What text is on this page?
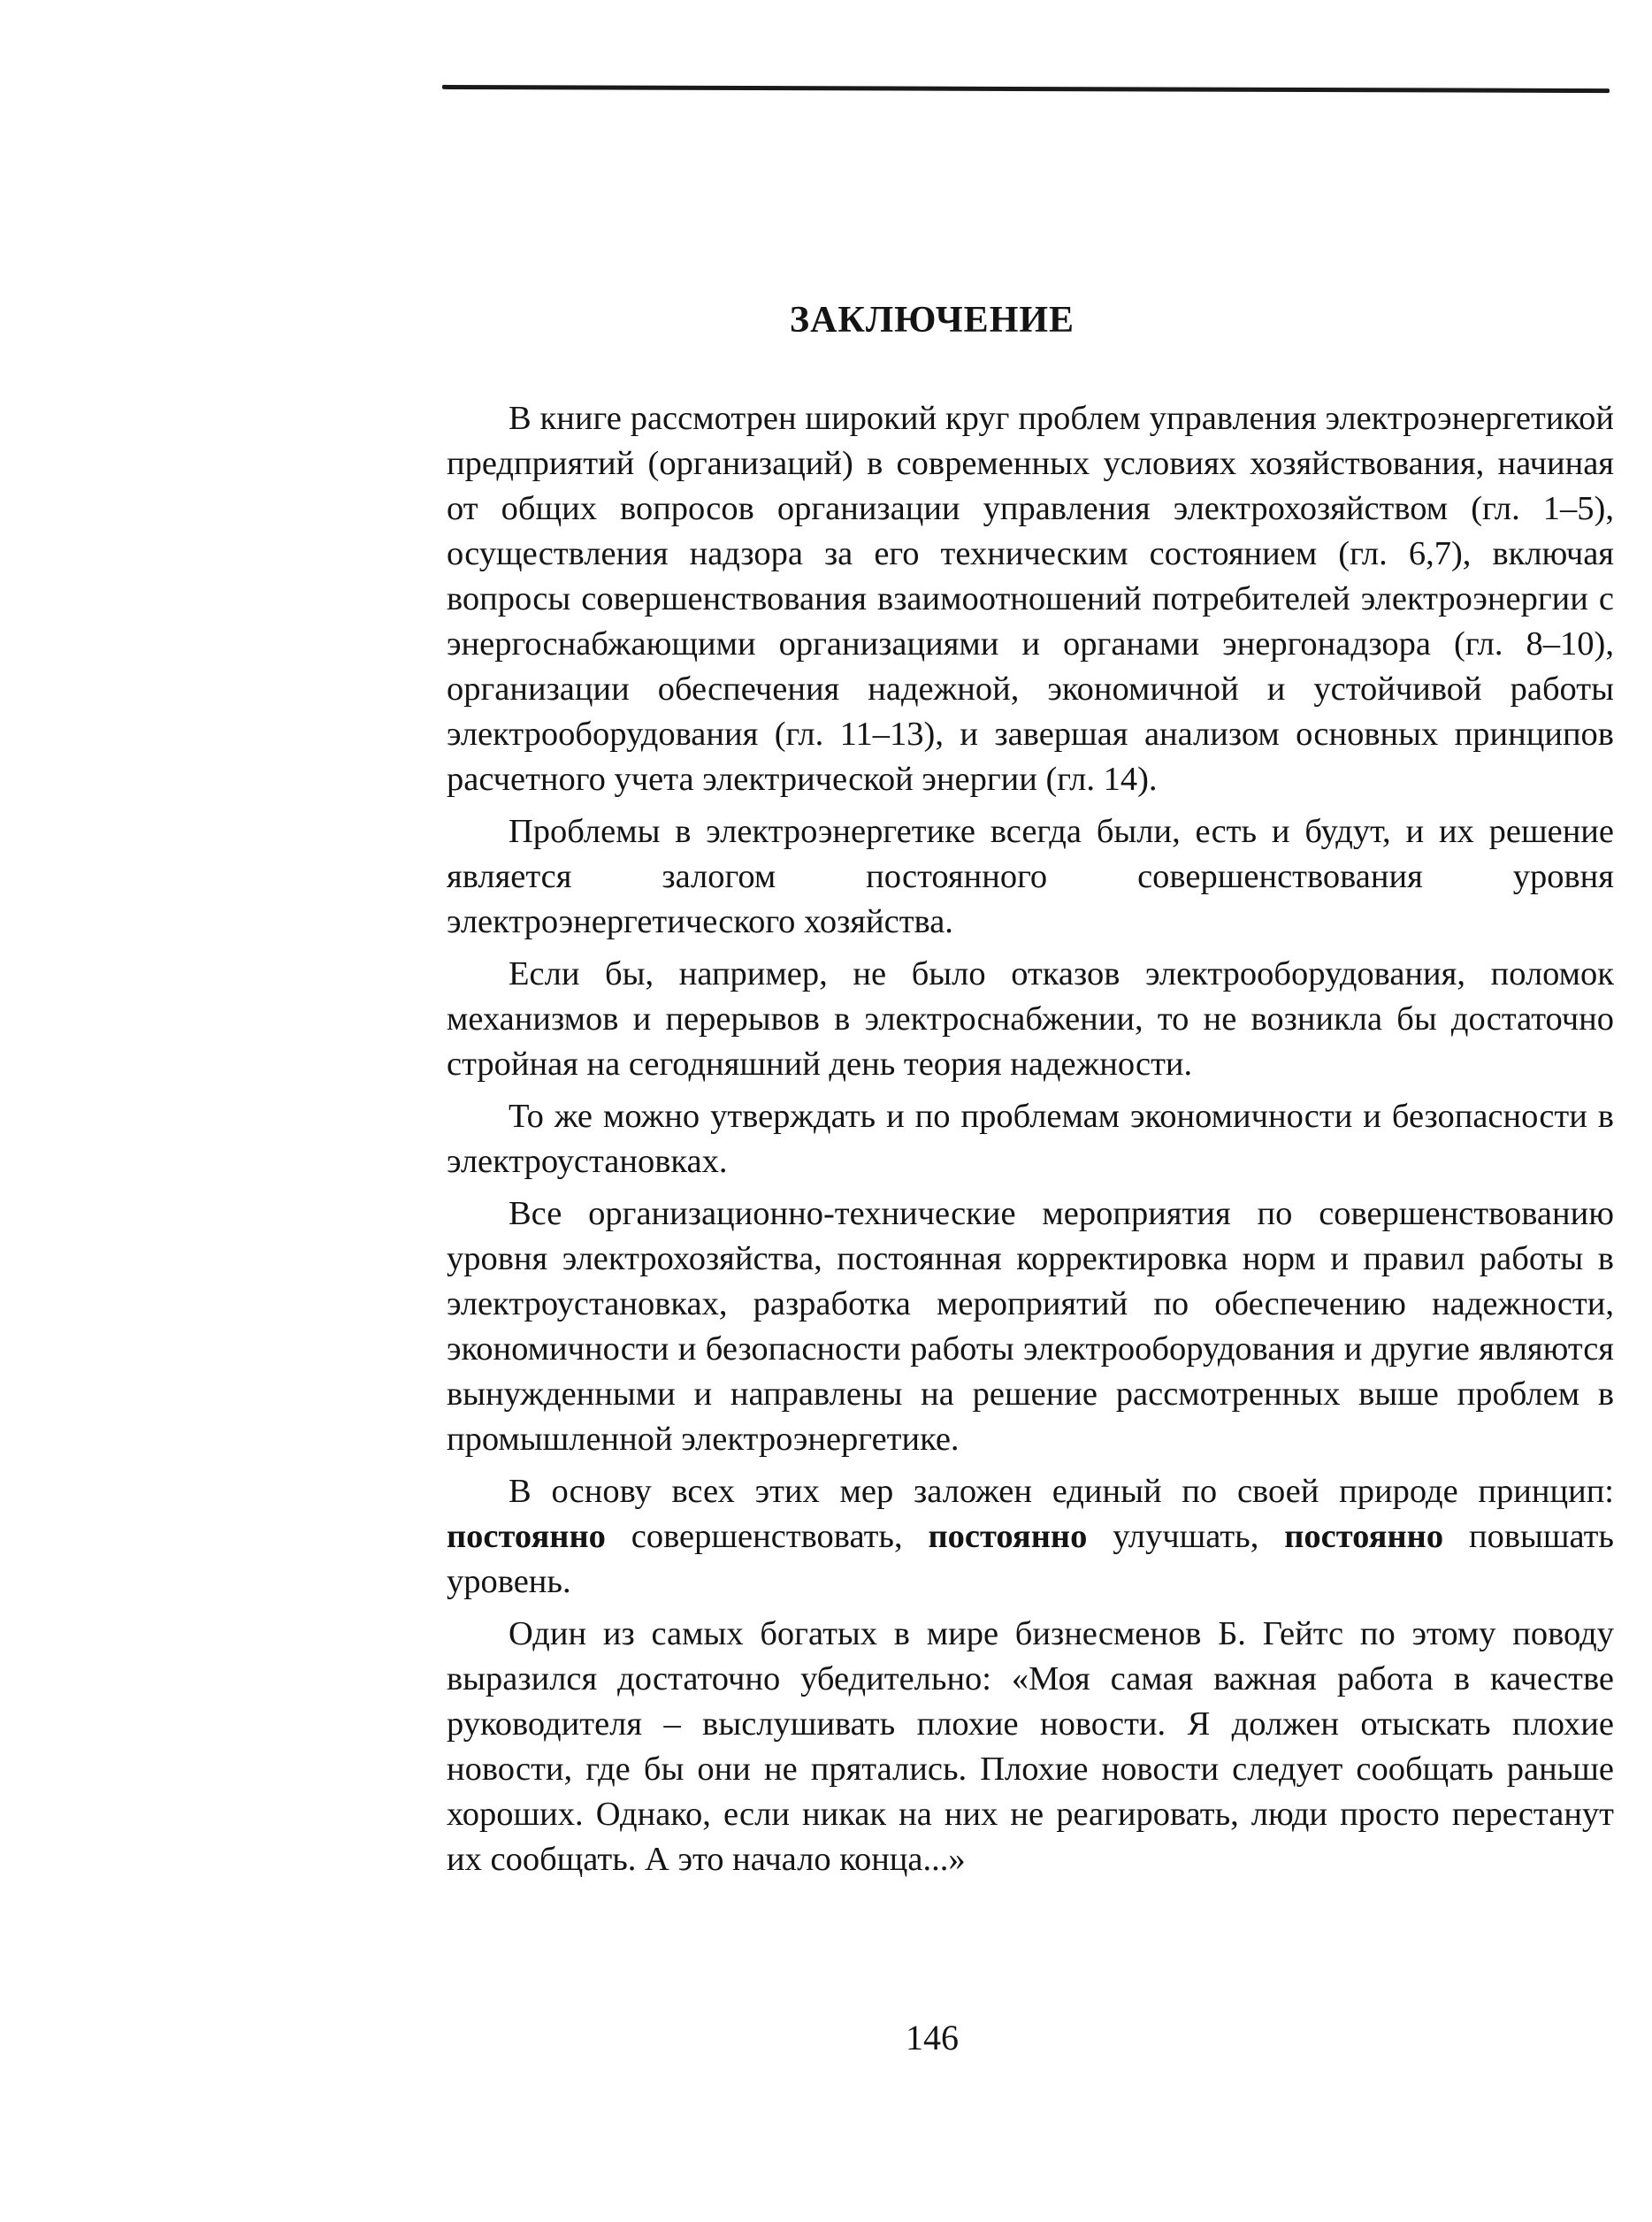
ЗАКЛЮЧЕНИЕ

В книге рассмотрен широкий круг проблем управления электроэнергетикой предприятий (организаций) в современных условиях хозяйствования, начиная от общих вопросов организации управления электрохозяйством (гл. 1–5), осуществления надзора за его техническим состоянием (гл. 6,7), включая вопросы совершенствования взаимоотношений потребителей электроэнергии с энергоснабжающими организациями и органами энергонадзора (гл. 8–10), организации обеспечения надежной, экономичной и устойчивой работы электрооборудования (гл. 11–13), и завершая анализом основных принципов расчетного учета электрической энергии (гл. 14).

Проблемы в электроэнергетике всегда были, есть и будут, и их решение является залогом постоянного совершенствования уровня электроэнергетического хозяйства.

Если бы, например, не было отказов электрооборудования, поломок механизмов и перерывов в электроснабжении, то не возникла бы достаточно стройная на сегодняшний день теория надежности.

То же можно утверждать и по проблемам экономичности и безопасности в электроустановках.

Все организационно-технические мероприятия по совершенствованию уровня электрохозяйства, постоянная корректировка норм и правил работы в электроустановках, разработка мероприятий по обеспечению надежности, экономичности и безопасности работы электрооборудования и другие являются вынужденными и направлены на решение рассмотренных выше проблем в промышленной электроэнергетике.

В основу всех этих мер заложен единый по своей природе принцип: постоянно совершенствовать, постоянно улучшать, постоянно повышать уровень.

Один из самых богатых в мире бизнесменов Б. Гейтс по этому поводу выразился достаточно убедительно: «Моя самая важная работа в качестве руководителя – выслушивать плохие новости. Я должен отыскать плохие новости, где бы они не прятались. Плохие новости следует сообщать раньше хороших. Однако, если никак на них не реагировать, люди просто перестанут их сообщать. А это начало конца...»

146
